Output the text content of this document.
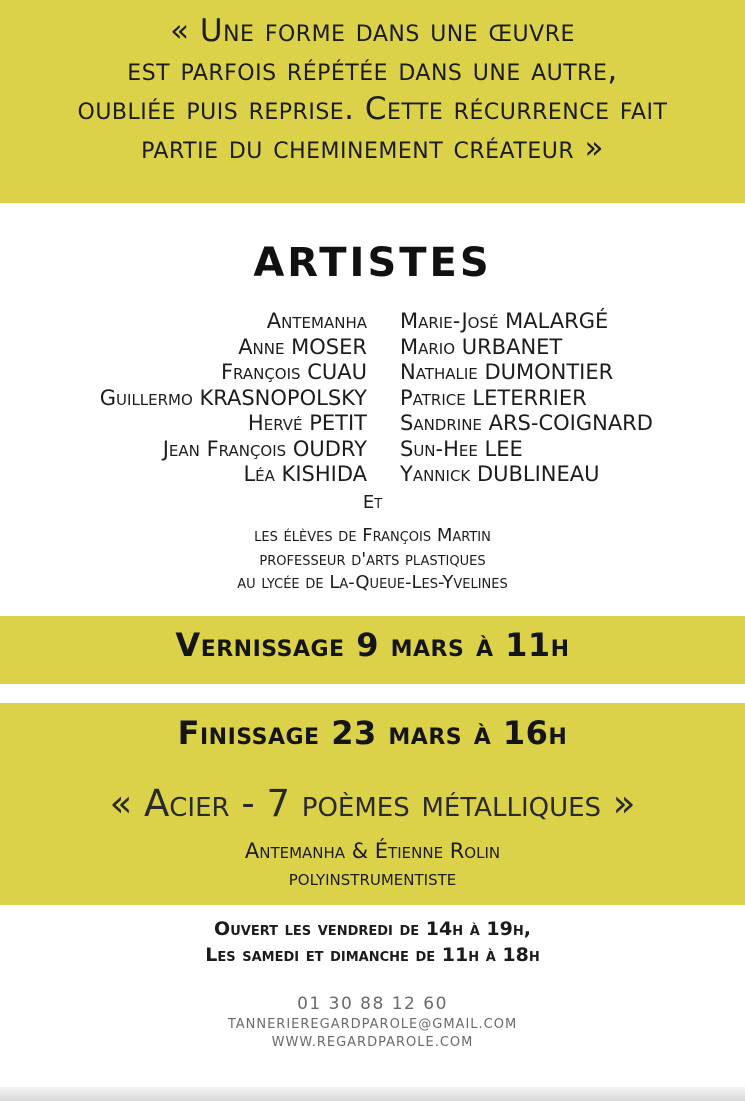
« Une forme dans une œuvre
est parfois répétée dans une autre,
oubliée puis reprise. Cette récurrence fait
partie du cheminement créateur »
ARTISTES
Antemanha
Anne MOSER
François CUAU
Guillermo KRASNOPOLSKY
Hervé PETIT
Jean François OUDRY
Léa KISHIDA
Marie-José MALARGÉ
Mario URBANET
Nathalie DUMONTIER
Patrice LETERRIER
Sandrine ARS-COIGNARD
Sun-Hee LEE
Yannick DUBLINEAU
Et
les élèves de François Martin
professeur d'arts plastiques
au lycée de La-Queue-Les-Yvelines
Vernissage 9 mars à 11h
Finissage 23 mars à 16h
« Acier - 7 poèmes métalliques »
Antemanha & Étienne Rolin
polyinstrumentiste
Ouvert les vendredi de 14h à 19h,
Les samedi et dimanche de 11h à 18h
01 30 88 12 60
TANNERIEREGARDPAROLE@GMAIL.COM
WWW.REGARDPAROLE.COM
